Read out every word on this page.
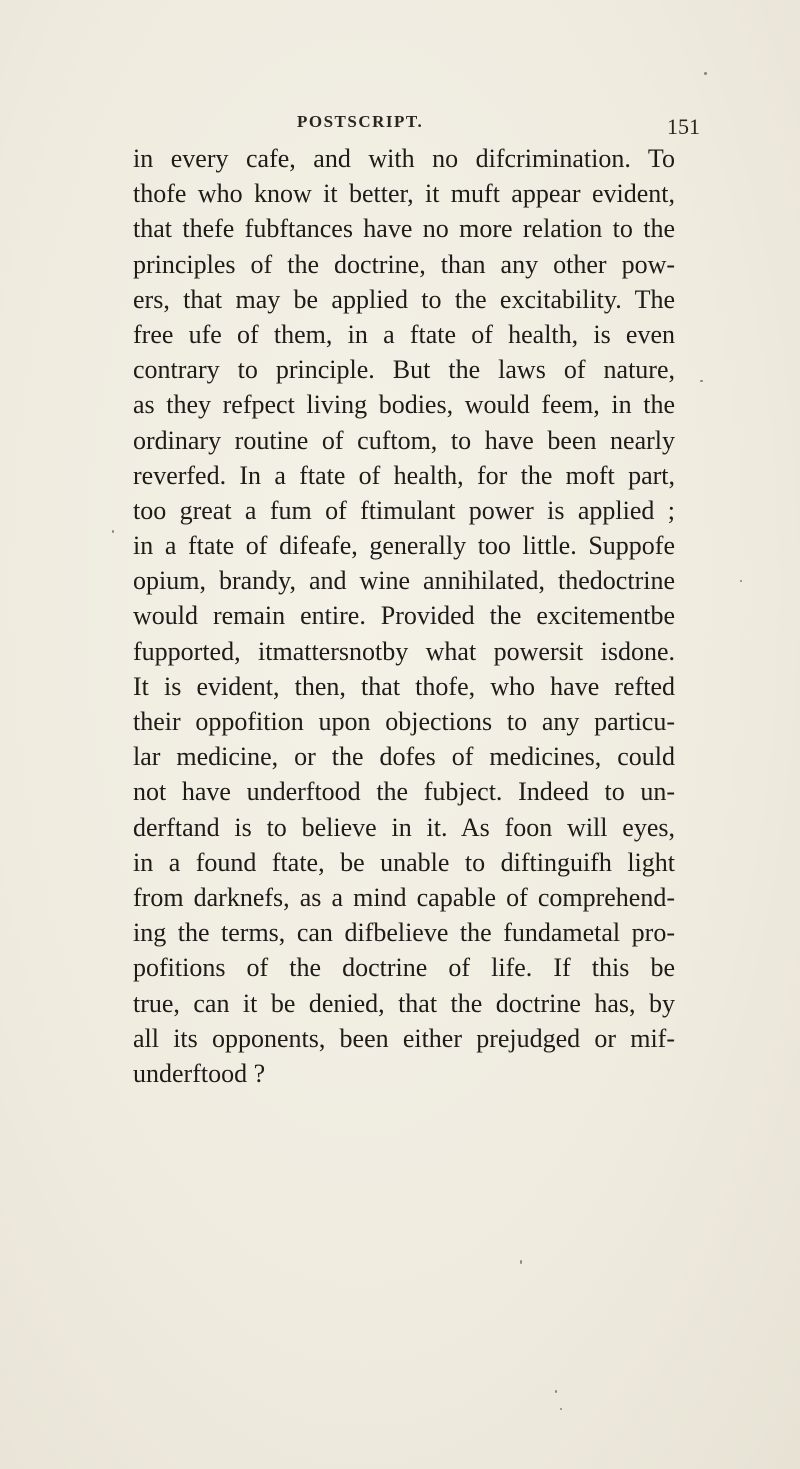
POSTSCRIPT.	151
in every cafe, and with no difcrimination. To
thofe who know it better, it muft appear evident,
that thefe fubftances have no more relation to the
principles of the doctrine, than any other pow-
ers, that may be applied to the excitability. The
free ufe of them, in a ftate of health, is even
contrary to principle. But the laws of nature,
as they refpect living bodies, would feem, in the
ordinary routine of cuftom, to have been nearly
reverfed. In a ftate of health, for the moft part,
too great a fum of ftimulant power is applied ;
in a ftate of difeafe, generally too little. Suppofe
opium, brandy, and wine annihilated, thedoctrine
would remain entire. Provided the excitementbe
fupported, itmattersnotby what powersit isdone.
It is evident, then, that thofe, who have refted
their oppofition upon objections to any particu-
lar medicine, or the dofes of medicines, could
not have underftood the fubject. Indeed to un-
derftand is to believe in it. As foon will eyes,
in a found ftate, be unable to diftinguifh light
from darknefs, as a mind capable of comprehend-
ing the terms, can difbelieve the fundametal pro-
pofitions of the doctrine of life. If this be
true, can it be denied, that the doctrine has, by
all its opponents, been either prejudged or mif-
underftood ?
